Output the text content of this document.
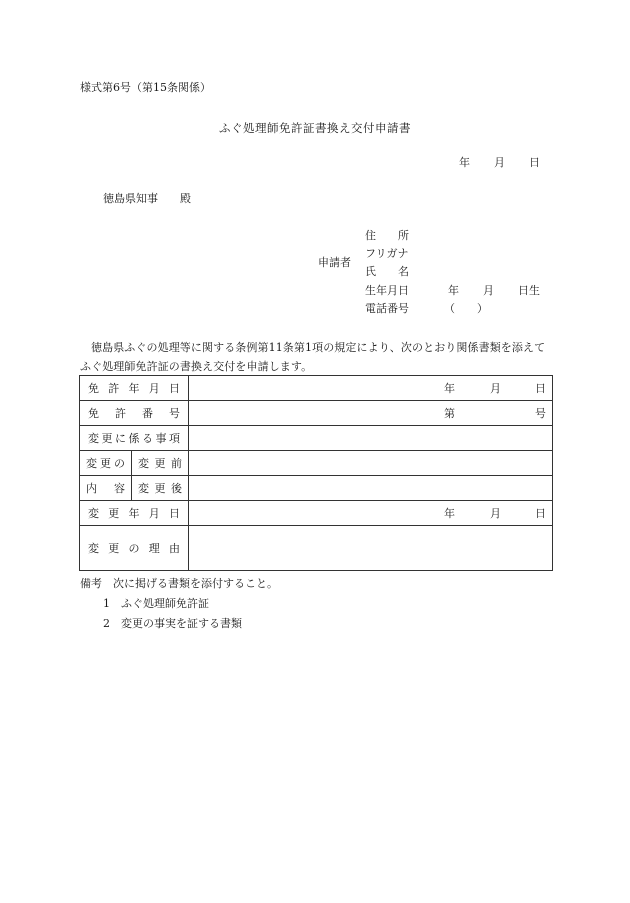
様式第6号（第15条関係）
ふぐ処理師免許証書換え交付申請書
年 月 日
徳島県知事 殿
申請者
住　　所
フリガナ
氏　　名
生年月日	年 月 日生
電話番号	（　　）
徳島県ふぐの処理等に関する条例第11条第1項の規定により、次のとおり関係書類を添えてふぐ処理師免許証の書換え交付を申請します。
免許年月日		年 月 日

免許番号		第 号

変更に係る事項		

変更の	変更前	

内容	変更後	

変更年月日		年 月 日

変更の理由		

備考　次に掲げる書類を添付すること。
1　ふぐ処理師免許証
2　変更の事実を証する書類
